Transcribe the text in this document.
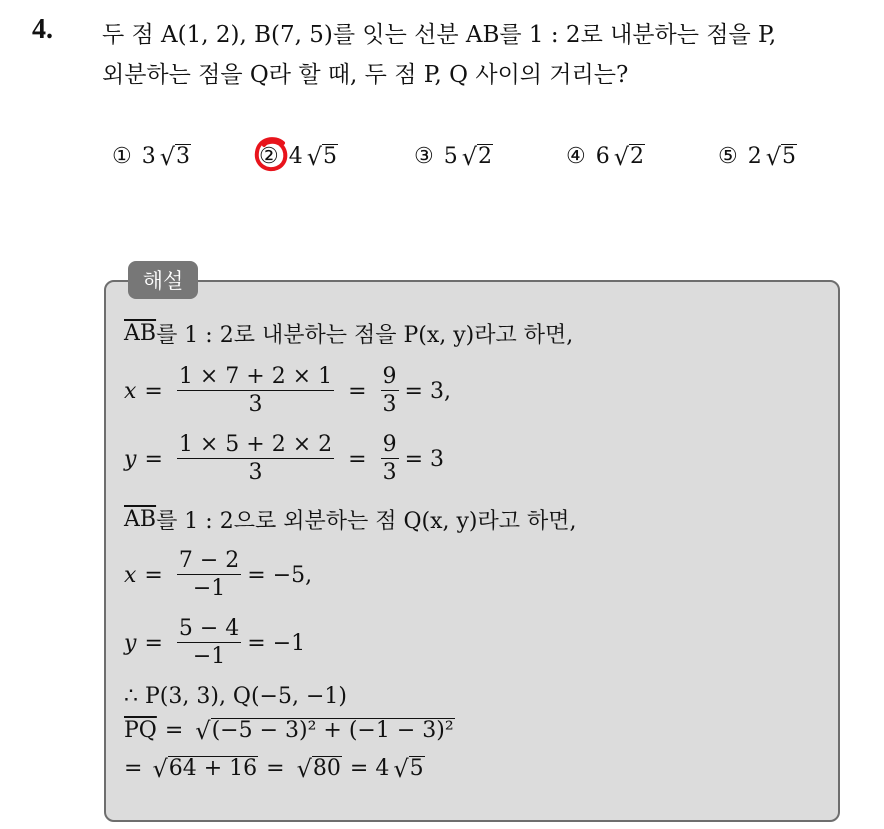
4. 두 점 A(1, 2), B(7, 5)를 잇는 선분 AB를 1 : 2로 내분하는 점을 P,
외분하는 점을 Q라 할 때, 두 점 P, Q 사이의 거리는?
① 3 √ 3	② 4 √ 5	③ 5 √ 2	④ 6 √ 2	⑤ 2 √ 5
해설
$\overline{AB}$ 를 1 : 2로 내분하는 점을 P(x, y)라고 하면,
$x = \frac{1 \times 7 + 2 \times 1}{3} = \frac{9}{3} = 3$,
$y = \frac{1 \times 5 + 2 \times 2}{3} = \frac{9}{3} = 3$
$\overline{AB}$ 를 1 : 2으로 외분하는 점 Q(x, y)라고 하면,
$x = \frac{7 - 2}{-1} = -5$,
$y = \frac{5 - 4}{-1} = -1$
∴ P(3, 3), Q(−5, −1)
$\overline{PQ}$ = √ (−5 − 3)² + (−1 − 3)²
= √ 64 + 16 = √ 80 = 4 √ 5
